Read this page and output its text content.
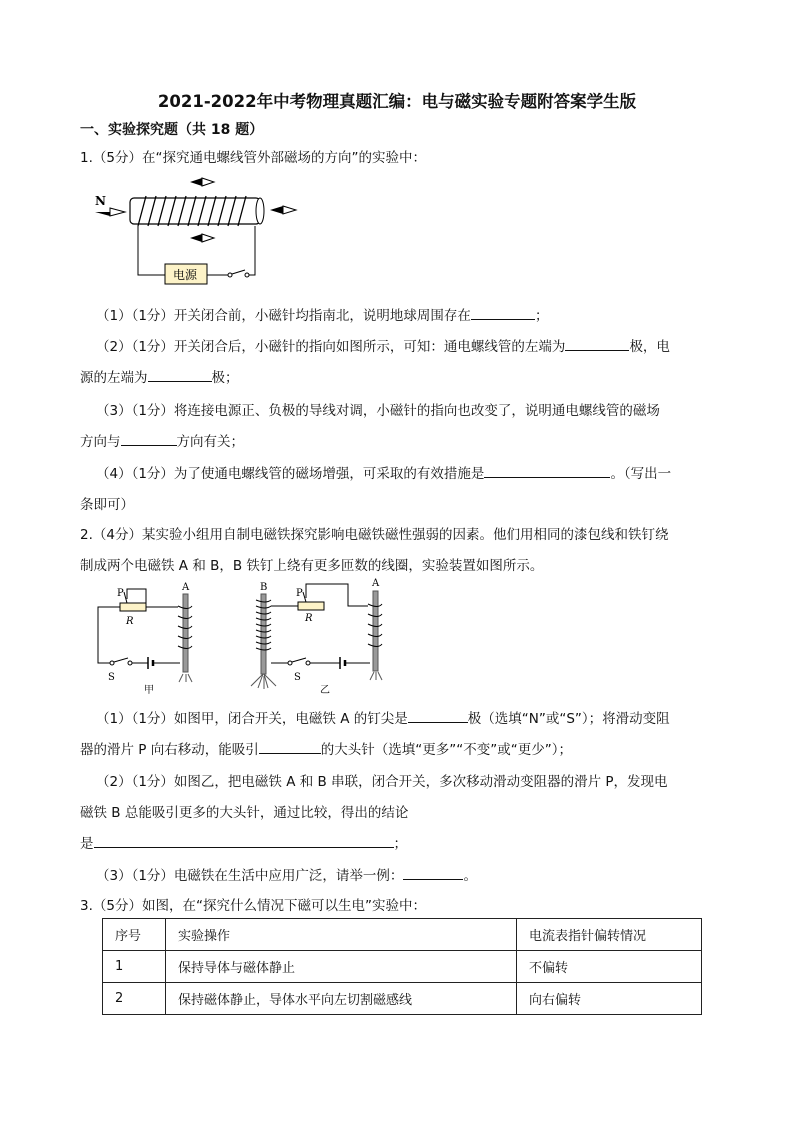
2021-2022年中考物理真题汇编：电与磁实验专题附答案学生版
一、实验探究题（共 18 题）
1.（5分）在“探究通电螺线管外部磁场的方向”的实验中：
N
电源
（1）（1分）开关闭合前，小磁针均指南北，说明地球周围存在	；
（2）（1分）开关闭合后，小磁针的指向如图所示，可知：通电螺线管的左端为	极，电
源的左端为	极；
（3）（1分）将连接电源正、负极的导线对调，小磁针的指向也改变了，说明通电螺线管的磁场
方向与	方向有关；
（4）（1分）为了使通电螺线管的磁场增强，可采取的有效措施是	。（写出一
条即可）
2.（4分）某实验小组用自制电磁铁探究影响电磁铁磁性强弱的因素。他们用相同的漆包线和铁钉绕
制成两个电磁铁 A 和 B，B 铁钉上绕有更多匝数的线圈，实验装置如图所示。
P
R
A
S
甲
B
P
R
A
S
乙
（1）（1分）如图甲，闭合开关，电磁铁 A 的钉尖是	极（选填“N”或“S”）；将滑动变阻
器的滑片 P 向右移动，能吸引	的大头针（选填“更多”“不变”或“更少”）；
（2）（1分）如图乙，把电磁铁 A 和 B 串联，闭合开关，多次移动滑动变阻器的滑片 P，发现电
磁铁 B 总能吸引更多的大头针，通过比较，得出的结论
是	；
（3）（1分）电磁铁在生活中应用广泛，请举一例：	。
3.（5分）如图，在“探究什么情况下磁可以生电”实验中：
序号	实验操作	电流表指针偏转情况
1	保持导体与磁体静止	不偏转
2	保持磁体静止，导体水平向左切割磁感线	向右偏转
